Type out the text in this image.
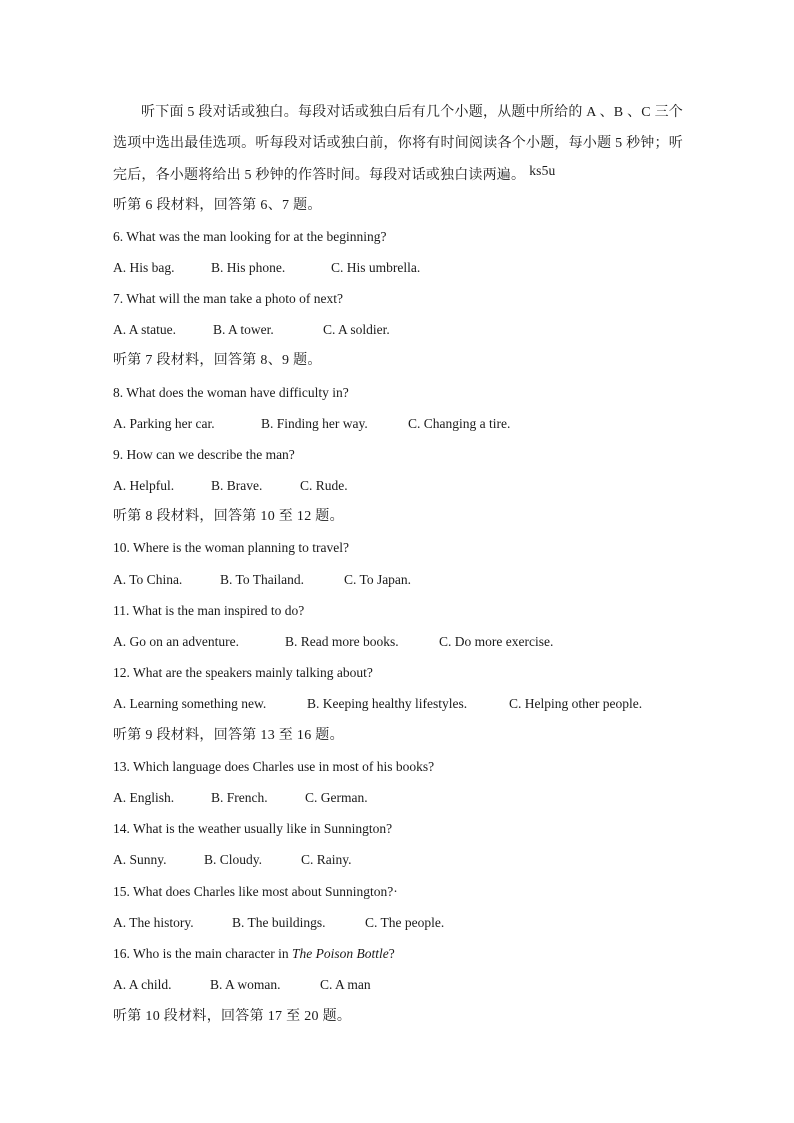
听下面 5 段对话或独白。每段对话或独白后有几个小题，从题中所给的 A 、B 、C 三个选项中选出最佳选项。听每段对话或独白前，你将有时间阅读各个小题，每小题 5 秒钟；听完后，各小题将给出 5 秒钟的作答时间。每段对话或独白读两遍。 ks5u
听第 6 段材料，回答第 6、7 题。
6. What was the man looking for at the beginning?
A. His bag.	B. His phone.	C. His umbrella.
7. What will the man take a photo of next?
A. A statue.	B. A tower.	C. A soldier.
听第 7 段材料，回答第 8、9 题。
8. What does the woman have difficulty in?
A. Parking her car.	B. Finding her way.	C. Changing a tire.
9. How can we describe the man?
A. Helpful.	B. Brave.	C. Rude.
听第 8 段材料，回答第 10 至 12 题。
10. Where is the woman planning to travel?
A. To China.	B. To Thailand.	C. To Japan.
11. What is the man inspired to do?
A. Go on an adventure.	B. Read more books.	C. Do more exercise.
12. What are the speakers mainly talking about?
A. Learning something new.	B. Keeping healthy lifestyles.	C. Helping other people.
听第 9 段材料，回答第 13 至 16 题。
13. Which language does Charles use in most of his books?
A. English.	B. French.	C. German.
14. What is the weather usually like in Sunnington?
A. Sunny.	B. Cloudy.	C. Rainy.
15. What does Charles like most about Sunnington?·
A. The history.	B. The buildings.	C. The people.
16. Who is the main character in The Poison Bottle?
A. A child.	B. A woman.	C. A man
听第 10 段材料，回答第 17 至 20 题。
